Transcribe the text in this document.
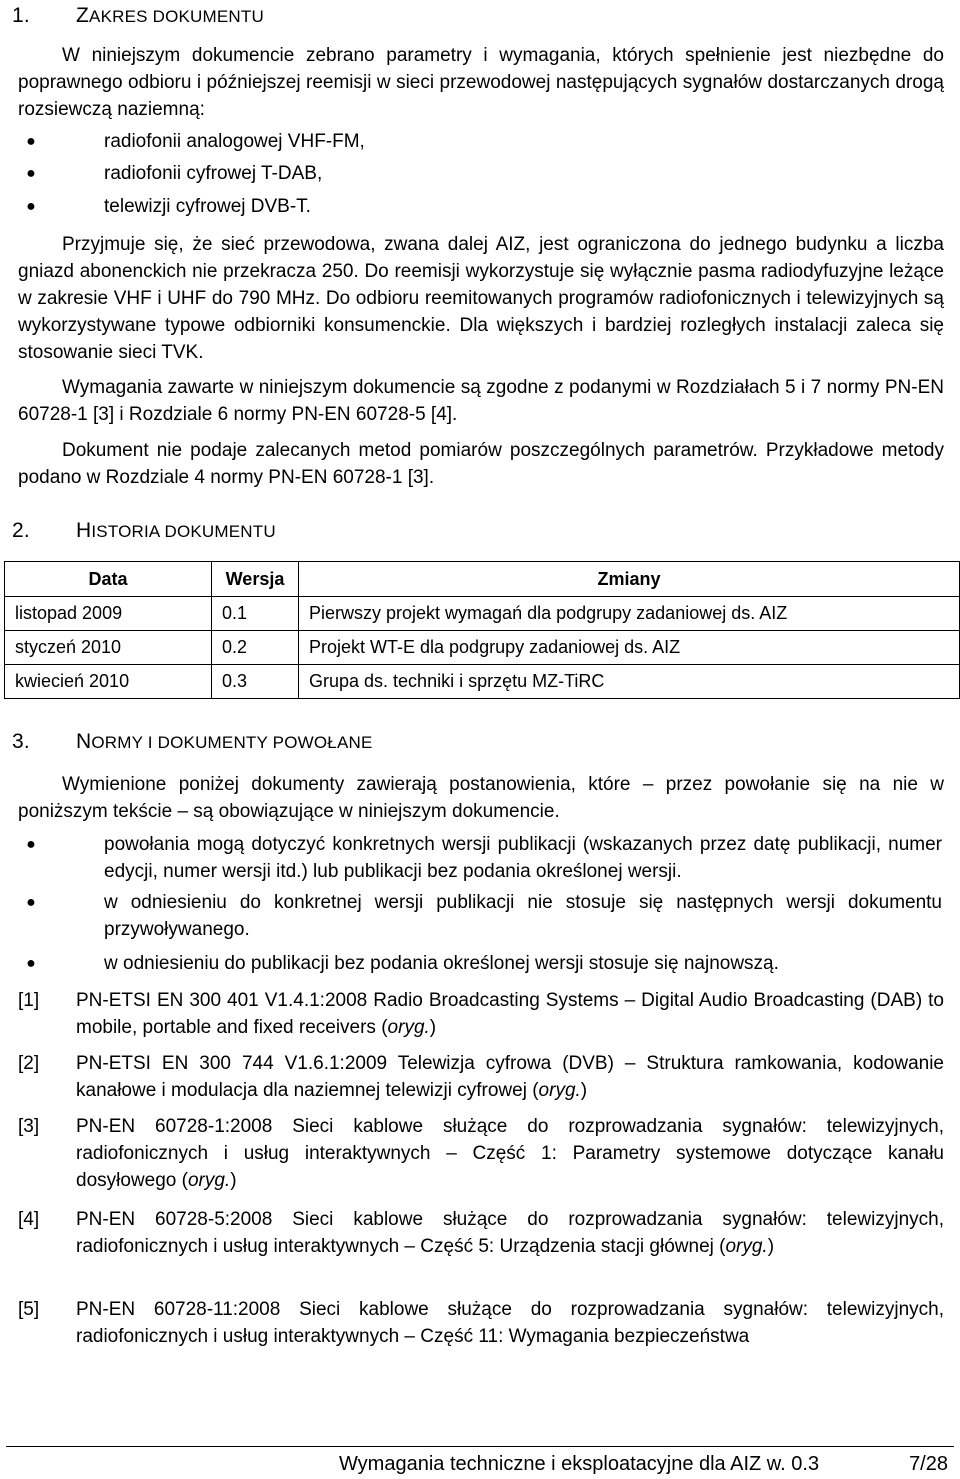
1. ZAKRES DOKUMENTU
W niniejszym dokumencie zebrano parametry i wymagania, których spełnienie jest niezbędne do poprawnego odbioru i późniejszej reemisji w sieci przewodowej następujących sygnałów dostarczanych drogą rozsiewczą naziemną:
●	radiofonii analogowej VHF-FM,
●	radiofonii cyfrowej T-DAB,
●	telewizji cyfrowej DVB-T.
Przyjmuje się, że sieć przewodowa, zwana dalej AIZ, jest ograniczona do jednego budynku a liczba gniazd abonenckich nie przekracza 250. Do reemisji wykorzystuje się wyłącznie pasma radiodyfuzyjne leżące w zakresie VHF i UHF do 790 MHz. Do odbioru reemitowanych programów radiofonicznych i telewizyjnych są wykorzystywane typowe odbiorniki konsumenckie. Dla większych i bardziej rozległych instalacji zaleca się stosowanie sieci TVK.
Wymagania zawarte w niniejszym dokumencie są zgodne z podanymi w Rozdziałach 5 i 7 normy PN-EN 60728-1 [3] i Rozdziale 6 normy PN-EN 60728-5 [4].
Dokument nie podaje zalecanych metod pomiarów poszczególnych parametrów. Przykładowe metody podano w Rozdziale 4 normy PN-EN 60728-1 [3].
2. HISTORIA DOKUMENTU
Data	Wersja	Zmiany
listopad 2009	0.1	Pierwszy projekt wymagań dla podgrupy zadaniowej ds. AIZ
styczeń 2010	0.2	Projekt WT-E dla podgrupy zadaniowej ds. AIZ
kwiecień 2010	0.3	Grupa ds. techniki i sprzętu MZ-TiRC
3. NORMY I DOKUMENTY POWOŁANE
Wymienione poniżej dokumenty zawierają postanowienia, które – przez powołanie się na nie w poniższym tekście – są obowiązujące w niniejszym dokumencie.
●	powołania mogą dotyczyć konkretnych wersji publikacji (wskazanych przez datę publikacji, numer edycji, numer wersji itd.) lub publikacji bez podania określonej wersji.
●	w odniesieniu do konkretnej wersji publikacji nie stosuje się następnych wersji dokumentu przywoływanego.
●	w odniesieniu do publikacji bez podania określonej wersji stosuje się najnowszą.
[1] PN-ETSI EN 300 401 V1.4.1:2008 Radio Broadcasting Systems – Digital Audio Broadcasting (DAB) to mobile, portable and fixed receivers (oryg.)
[2] PN-ETSI EN 300 744 V1.6.1:2009 Telewizja cyfrowa (DVB) – Struktura ramkowania, kodowanie kanałowe i modulacja dla naziemnej telewizji cyfrowej (oryg.)
[3] PN-EN 60728-1:2008 Sieci kablowe służące do rozprowadzania sygnałów: telewizyjnych, radiofonicznych i usług interaktywnych – Część 1: Parametry systemowe dotyczące kanału dosyłowego (oryg.)
[4] PN-EN 60728-5:2008 Sieci kablowe służące do rozprowadzania sygnałów: telewizyjnych, radiofonicznych i usług interaktywnych – Część 5: Urządzenia stacji głównej (oryg.)
[5] PN-EN 60728-11:2008 Sieci kablowe służące do rozprowadzania sygnałów: telewizyjnych, radiofonicznych i usług interaktywnych – Część 11: Wymagania bezpieczeństwa
Wymagania techniczne i eksploatacyjne dla AIZ w. 0.3	7/28
